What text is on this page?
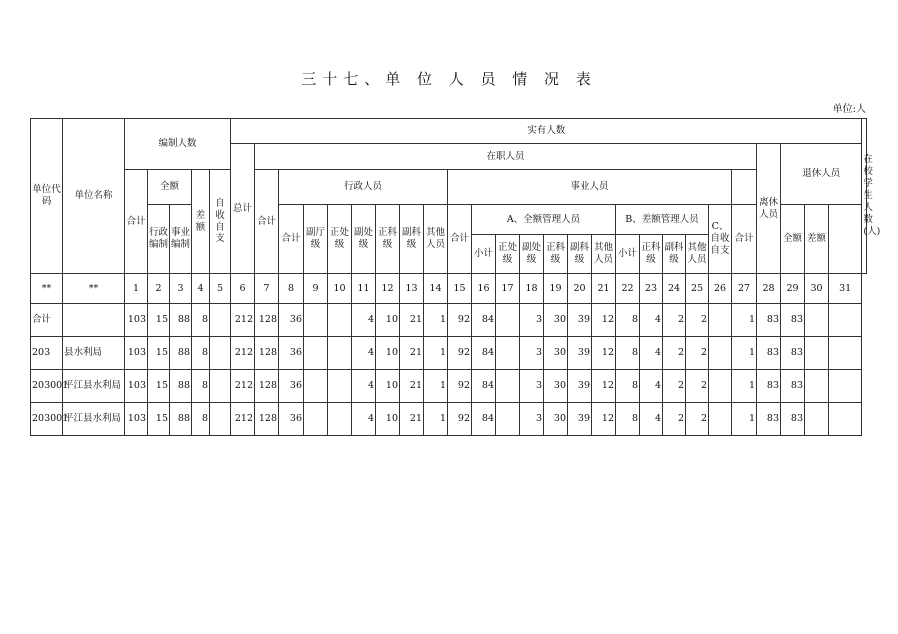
三十七、单 位 人 员 情 况 表
单位:人
单位代码	单位名称	编制人数					实有人数																										在校学生人数(人)
							总计	在职人员																					离休人员	退休人员			
		合计	全额		差额	自收自支		合计	行政人员							事业人员																	
			行政编制	事业编制					合计	副厅级	正处级	副处级	正科级	副科级	其他人员	合计	A、全额管理人员						B、差额管理人员				C、自收自支	合计		全额	差额		
																	小计	正处级	副处级	正科级	副科级	其他人员	小计	正科级	副科级	其他人员							
**	**	1	2	3	4	5	6	7	8	9	10	11	12	13	14	15	16	17	18	19	20	21	22	23	24	25	26	27	28	29	30	31	
合计		103	15	88	8		212	128	36			4	10	21	1	92	84		3	30	39	12	8	4	2	2		1	83	83			
203	县水利局	103	15	88	8		212	128	36			4	10	21	1	92	84		3	30	39	12	8	4	2	2		1	83	83			
203001	平江县水利局	103	15	88	8		212	128	36			4	10	21	1	92	84		3	30	39	12	8	4	2	2		1	83	83			
203001	平江县水利局	103	15	88	8		212	128	36			4	10	21	1	92	84		3	30	39	12	8	4	2	2		1	83	83			
